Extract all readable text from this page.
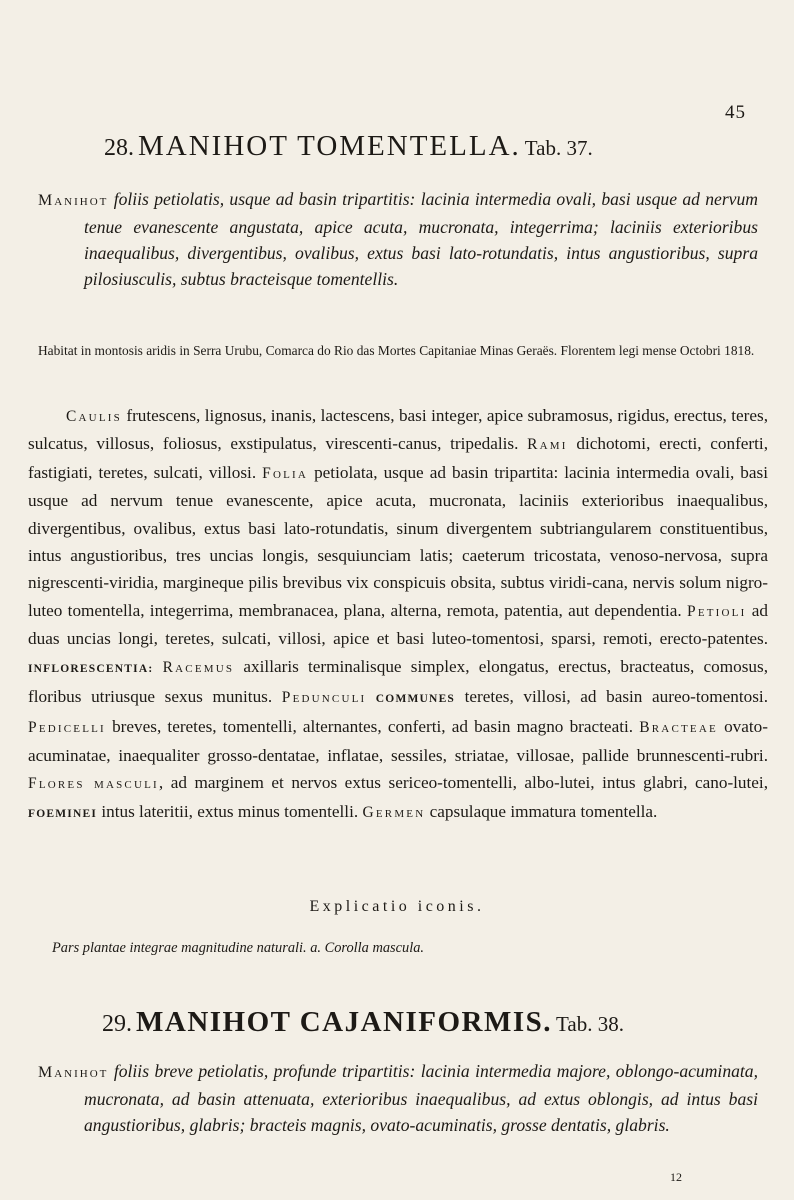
45
28. MANIHOT TOMENTELLA. Tab. 37.

Manihot foliis petiolatis, usque ad basin tripartitis: lacinia intermedia ovali, basi usque ad nervum tenue evanescente angustata, apice acuta, mucronata, integerrima; laciniis exterioribus inaequalibus, divergentibus, ovalibus, extus basi lato-rotundatis, intus angustioribus, supra pilosiusculis, subtus bracteisque tomentellis.

Habitat in montosis aridis in Serra Urubu, Comarca do Rio das Mortes Capitaniae Minas Geraës. Florentem legi mense Octobri 1818.

Caulis frutescens, lignosus, inanis, lactescens, basi integer, apice subramosus, rigidus, erectus, teres, sulcatus, villosus, foliosus, exstipulatus, virescenti-canus, tripedalis. Rami dichotomi, erecti, conferti, fastigiati, teretes, sulcati, villosi. Folia petiolata, usque ad basin tripartita: lacinia intermedia ovali, basi usque ad nervum tenue evanescente, apice acuta, mucronata, laciniis exterioribus inaequalibus, divergentibus, ovalibus, extus basi lato-rotundatis, sinum divergentem subtriangularem constituentibus, intus angustioribus, tres uncias longis, sesquiunciam latis; caeterum tricostata, venoso-nervosa, supra nigrescenti-viridia, margineque pilis brevibus vix conspicuis obsita, subtus viridi-cana, nervis solum nigro-luteo tomentella, integerrima, membranacea, plana, alterna, remota, patentia, aut dependentia. Petioli ad duas uncias longi, teretes, sulcati, villosi, apice et basi luteo-tomentosi, sparsi, remoti, erecto-patentes. INFLORESCENTIA: Racemus axillaris terminalisque simplex, elongatus, erectus, bracteatus, comosus, floribus utriusque sexus munitus. Pedunculi COMMUNES teretes, villosi, ad basin aureo-tomentosi. Pedicelli breves, teretes, tomentelli, alternantes, conferti, ad basin magno bracteati. Bracteae ovato-acuminatae, inaequaliter grosso-dentatae, inflatae, sessiles, striatae, villosae, pallide brunnescenti-rubri. Flores masculi, ad marginem et nervos extus sericeo-tomentelli, albo-lutei, intus glabri, cano-lutei, FOEMINEI intus lateritii, extus minus tomentelli. Germen capsulaque immatura tomentella.

Explicatio iconis.
Pars plantae integrae magnitudine naturali. a. Corolla mascula.
29. MANIHOT CAJANIFORMIS. Tab. 38.

Manihot foliis breve petiolatis, profunde tripartitis: lacinia intermedia majore, oblongo-acuminata, mucronata, ad basin attenuata, exterioribus inaequalibus, ad extus oblongis, ad intus basi angustioribus, glabris; bracteis magnis, ovato-acuminatis, grosse dentatis, glabris.

12
